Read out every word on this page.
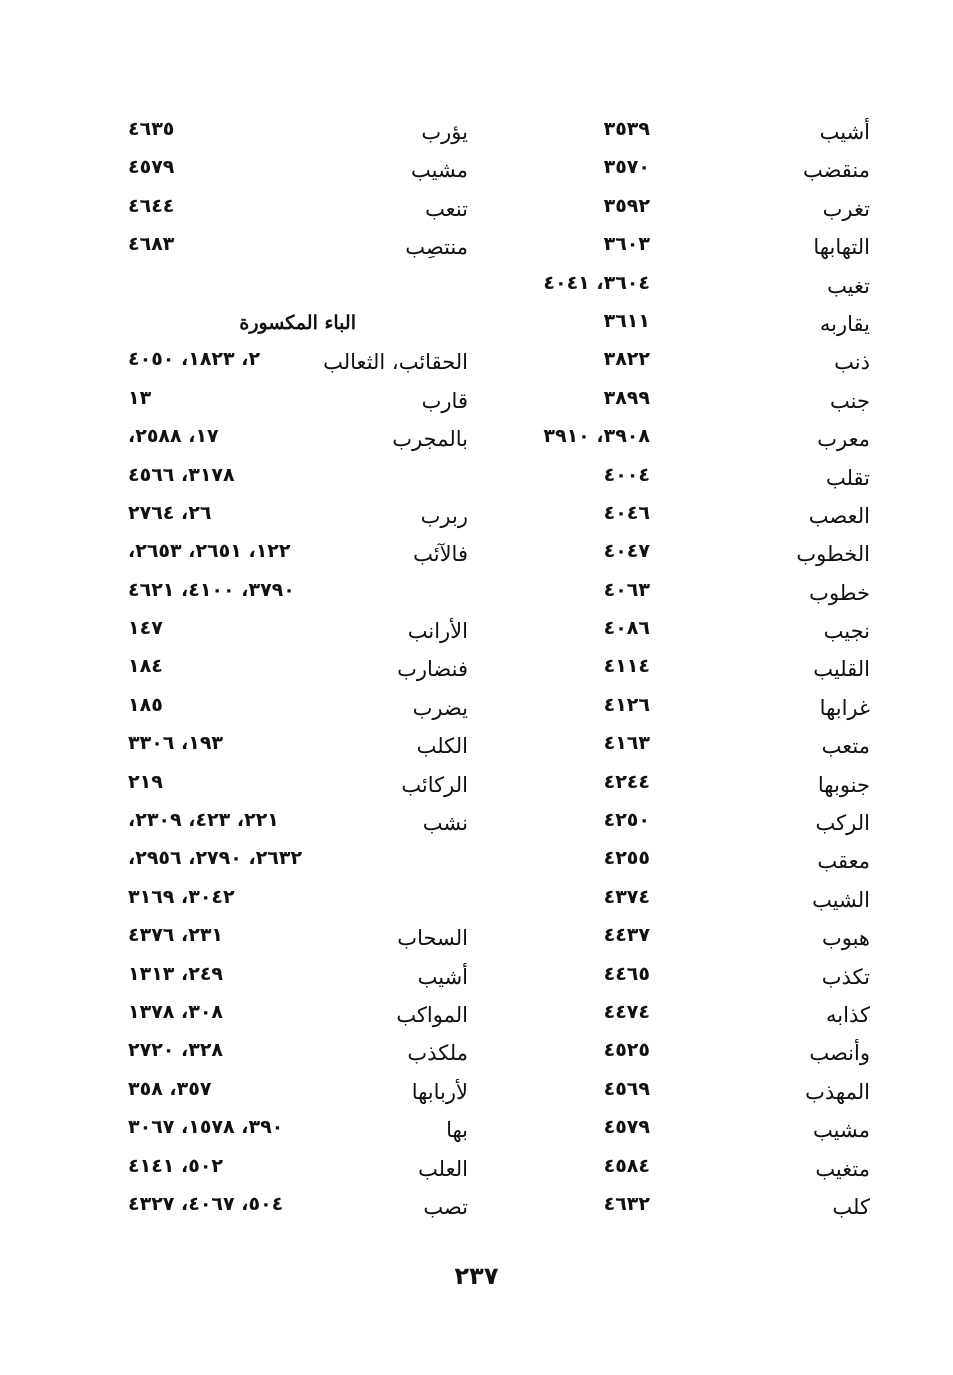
أشيب
٣٥٣٩
منقضب
٣٥٧٠
تغرب
٣٥٩٢
التهابها
٣٦٠٣
تغيب
٣٦٠٤، ٤٠٤١
يقاربه
٣٦١١
ذنب
٣٨٢٢
جنب
٣٨٩٩
معرب
٣٩٠٨، ٣٩١٠
تقلب
٤٠٠٤
العصب
٤٠٤٦
الخطوب
٤٠٤٧
خطوب
٤٠٦٣
نجيب
٤٠٨٦
القليب
٤١١٤
غرابها
٤١٢٦
متعب
٤١٦٣
جنوبها
٤٢٤٤
الركب
٤٢٥٠
معقب
٤٢٥٥
الشيب
٤٣٧٤
هبوب
٤٤٣٧
تكذب
٤٤٦٥
كذابه
٤٤٧٤
وأنصب
٤٥٢٥
المهذب
٤٥٦٩
مشيب
٤٥٧٩
متغيب
٤٥٨٤
كلب
٤٦٣٢
يؤرب
٤٦٣٥
مشيب
٤٥٧٩
تنعب
٤٦٤٤
منتصِب
٤٦٨٣
الباء المكسورة
الحقائب، الثعالب
٢، ١٨٢٣، ٤٠٥٠
قارب
١٣
بالمجرب
١٧، ٢٥٨٨،
٣١٧٨، ٤٥٦٦
ربرب
٢٦، ٢٧٦٤
فالآئب
١٢٢، ٢٦٥١، ٢٦٥٣،
٣٧٩٠، ٤١٠٠، ٤٦٢١
الأرانب
١٤٧
فنضارب
١٨٤
يضرب
١٨٥
الكلب
١٩٣، ٣٣٠٦
الركائب
٢١٩
نشب
٢٢١، ٤٢٣، ٢٣٠٩،
٢٦٣٢، ٢٧٩٠، ٢٩٥٦،
٣٠٤٢، ٣١٦٩
السحاب
٢٣١، ٤٣٧٦
أشيب
٢٤٩، ١٣١٣
المواكب
٣٠٨، ١٣٧٨
ملكذب
٣٢٨، ٢٧٢٠
لأربابها
٣٥٧، ٣٥٨
بها
٣٩٠، ١٥٧٨، ٣٠٦٧
العلب
٥٠٢، ٤١٤١
تصب
٥٠٤، ٤٠٦٧، ٤٣٢٧
٢٣٧
